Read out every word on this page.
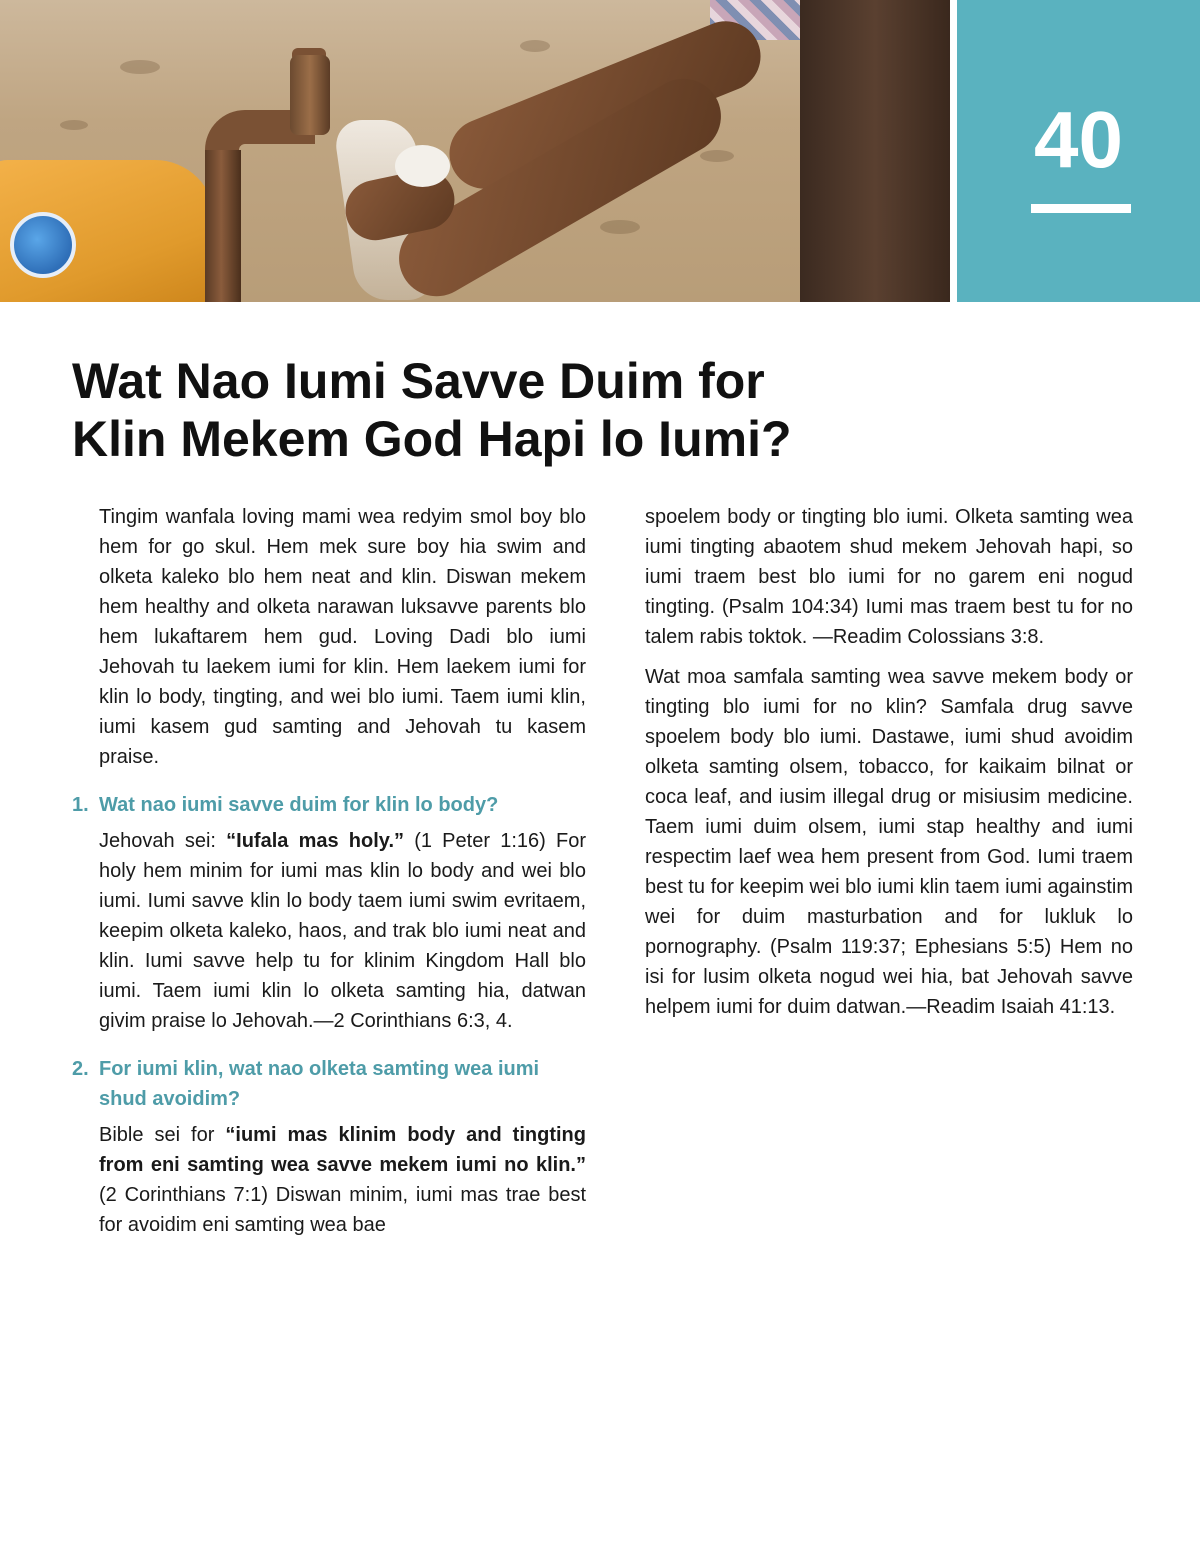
40
Wat Nao Iumi Savve Duim for
Klin Mekem God Hapi lo Iumi?

Tingim wanfala loving mami wea redyim smol boy blo hem for go skul. Hem mek sure boy hia swim and olketa kaleko blo hem neat and klin. Diswan mekem hem healthy and olketa narawan luksavve parents blo hem lukaftarem hem gud. Loving Dadi blo iumi Jehovah tu laekem iumi for klin. Hem laekem iumi for klin lo body, tingting, and wei blo iumi. Taem iumi klin, iumi kasem gud samting and Jehovah tu kasem praise.

1. Wat nao iumi savve duim for klin lo body?

Jehovah sei: “Iufala mas holy.” (1 Peter 1:16) For holy hem minim for iumi mas klin lo body and wei blo iumi. Iumi savve klin lo body taem iumi swim evritaem, keepim olketa kaleko, haos, and trak blo iumi neat and klin. Iumi savve help tu for klinim Kingdom Hall blo iumi. Taem iumi klin lo olketa samting hia, datwan givim praise lo Jehovah.—2 Corinthians 6:3, 4.

2. For iumi klin, wat nao olketa samting wea iumi shud avoidim?

Bible sei for “iumi mas klinim body and tingting from eni samting wea savve mekem iumi no klin.” (2 Corinthians 7:1) Diswan minim, iumi mas trae best for avoidim eni samting wea bae

spoelem body or tingting blo iumi. Olketa samting wea iumi tingting abaotem shud mekem Jehovah hapi, so iumi traem best blo iumi for no garem eni nogud tingting. (Psalm 104:34) Iumi mas traem best tu for no talem rabis toktok. —Readim Colossians 3:8.

Wat moa samfala samting wea savve mekem body or tingting blo iumi for no klin? Samfala drug savve spoelem body blo iumi. Dastawe, iumi shud avoidim olketa samting olsem, tobacco, for kaikaim bilnat or coca leaf, and iusim illegal drug or misiusim medicine. Taem iumi duim olsem, iumi stap healthy and iumi respectim laef wea hem present from God. Iumi traem best tu for keepim wei blo iumi klin taem iumi againstim wei for duim masturbation and for lukluk lo pornography. (Psalm 119:37; Ephesians 5:5) Hem no isi for lusim olketa nogud wei hia, bat Jehovah savve helpem iumi for duim datwan.—Readim Isaiah 41:13.
